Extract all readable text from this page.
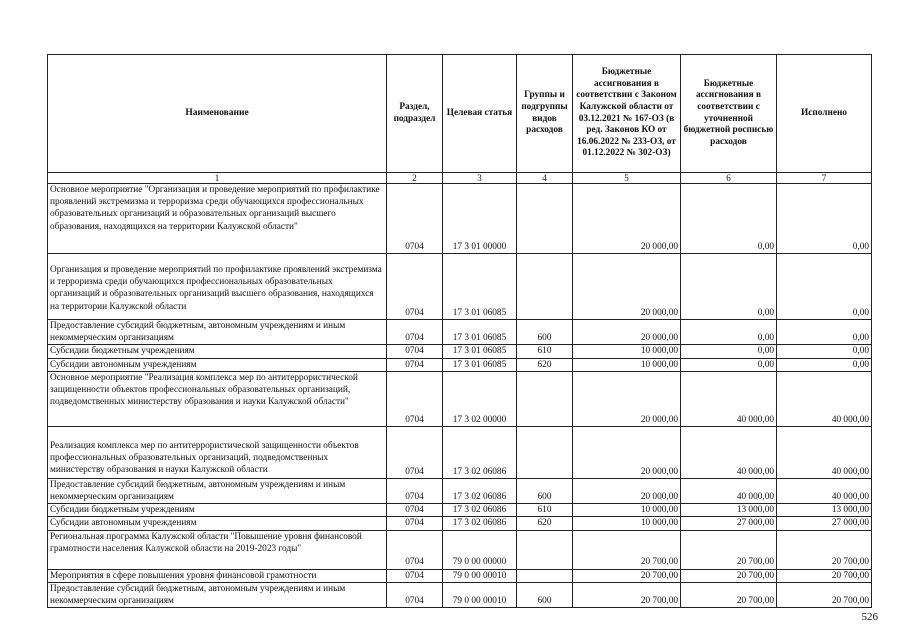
Наименование	Раздел, подраздел	Целевая статья	Группы и подгруппы видов расходов	Бюджетные ассигнования в соответствии с Законом Калужской области от 03.12.2021 № 167-ОЗ (в ред. Законов КО от 16.06.2022 № 233-ОЗ, от 01.12.2022 № 302-ОЗ)	Бюджетные ассигнования в соответствии с уточненной бюджетной росписью расходов	Исполнено
1	2	3	4	5	6	7
Основное мероприятие "Организация и проведение мероприятий по профилактике проявлений экстремизма и терроризма среди обучающихся профессиональных образовательных организаций и образовательных организаций высшего образования, находящихся на территории Калужской области"	0704	17 3 01 00000		20 000,00	0,00	0,00
Организация и проведение мероприятий по профилактике проявлений экстремизма и терроризма среди обучающихся профессиональных образовательных организаций и образовательных организаций высшего образования, находящихся на территории Калужской области	0704	17 3 01 06085		20 000,00	0,00	0,00
Предоставление субсидий бюджетным, автономным учреждениям и иным некоммерческим организациям	0704	17 3 01 06085	600	20 000,00	0,00	0,00
Субсидии бюджетным учреждениям	0704	17 3 01 06085	610	10 000,00	0,00	0,00
Субсидии автономным учреждениям	0704	17 3 01 06085	620	10 000,00	0,00	0,00
Основное мероприятие "Реализация комплекса мер по антитеррористической защищенности объектов профессиональных образовательных организаций, подведомственных министерству образования и науки Калужской области"	0704	17 3 02 00000		20 000,00	40 000,00	40 000,00
Реализация комплекса мер по антитеррористической защищенности объектов профессиональных образовательных организаций, подведомственных министерству образования и науки Калужской области	0704	17 3 02 06086		20 000,00	40 000,00	40 000,00
Предоставление субсидий бюджетным, автономным учреждениям и иным некоммерческим организациям	0704	17 3 02 06086	600	20 000,00	40 000,00	40 000,00
Субсидии бюджетным учреждениям	0704	17 3 02 06086	610	10 000,00	13 000,00	13 000,00
Субсидии автономным учреждениям	0704	17 3 02 06086	620	10 000,00	27 000,00	27 000,00
Региональная программа Калужской области "Повышение уровня финансовой грамотности населения Калужской области на 2019-2023 годы"	0704	79 0 00 00000		20 700,00	20 700,00	20 700,00
Мероприятия в сфере повышения уровня финансовой грамотности	0704	79 0 00 00010		20 700,00	20 700,00	20 700,00
Предоставление субсидий бюджетным, автономным учреждениям и иным некоммерческим организациям	0704	79 0 00 00010	600	20 700,00	20 700,00	20 700,00
526
